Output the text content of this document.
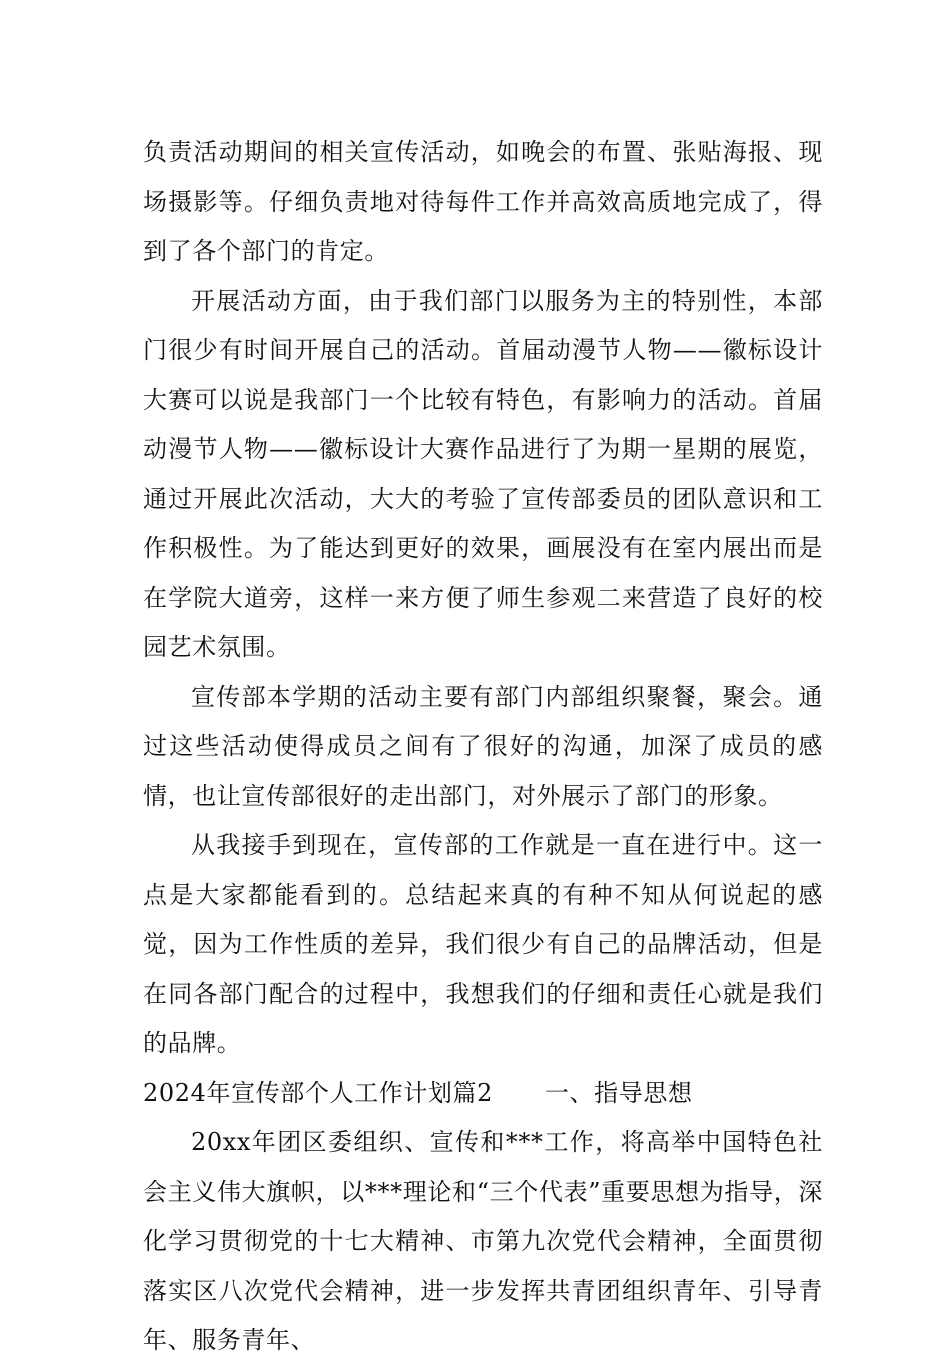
负责活动期间的相关宣传活动，如晚会的布置、张贴海报、现场摄影等。仔细负责地对待每件工作并高效高质地完成了，得到了各个部门的肯定。

开展活动方面，由于我们部门以服务为主的特别性，本部门很少有时间开展自己的活动。首届动漫节人物——徽标设计大赛可以说是我部门一个比较有特色，有影响力的活动。首届动漫节人物——徽标设计大赛作品进行了为期一星期的展览，通过开展此次活动，大大的考验了宣传部委员的团队意识和工作积极性。为了能达到更好的效果，画展没有在室内展出而是在学院大道旁，这样一来方便了师生参观二来营造了良好的校园艺术氛围。

宣传部本学期的活动主要有部门内部组织聚餐，聚会。通过这些活动使得成员之间有了很好的沟通，加深了成员的感情，也让宣传部很好的走出部门，对外展示了部门的形象。

从我接手到现在，宣传部的工作就是一直在进行中。这一点是大家都能看到的。总结起来真的有种不知从何说起的感觉，因为工作性质的差异，我们很少有自己的品牌活动，但是在同各部门配合的过程中，我想我们的仔细和责任心就是我们的品牌。

2024年宣传部个人工作计划篇2 一、指导思想

20xx年团区委组织、宣传和***工作，将高举中国特色社会主义伟大旗帜，以***理论和“三个代表”重要思想为指导，深化学习贯彻党的十七大精神、市第九次党代会精神，全面贯彻落实区八次党代会精神，进一步发挥共青团组织青年、引导青年、服务青年、
